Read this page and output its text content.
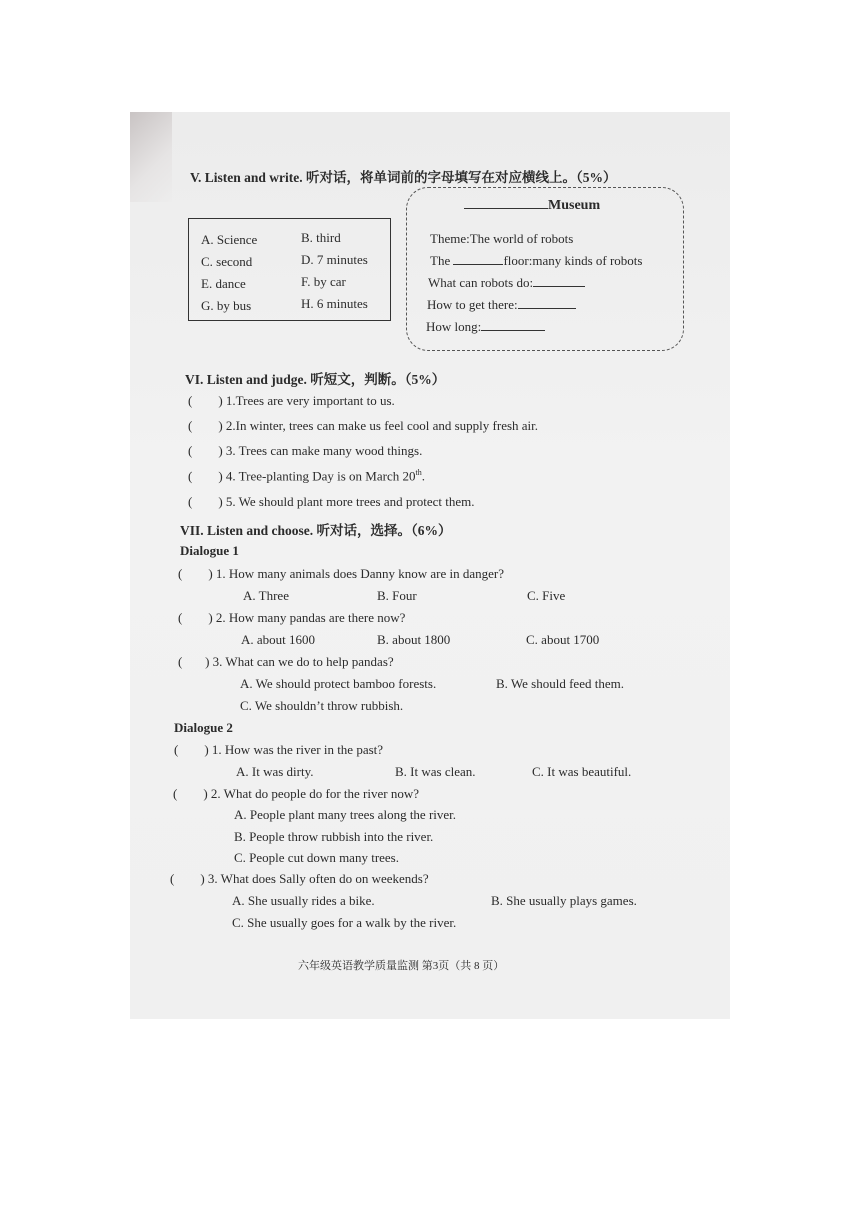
V. Listen and write. 听对话，将单词前的字母填写在对应横线上。（5%）
A. Science	B. third
C. second	D. 7 minutes
E. dance	F. by car
G. by bus	H. 6 minutes
Museum
Theme:The world of robots
The	floor:many kinds of robots
What can robots do:
How to get there:
How long:
VI. Listen and judge. 听短文，判断。（5%）
(        ) 1.Trees are very important to us.
(        ) 2.In winter, trees can make us feel cool and supply fresh air.
(        ) 3. Trees can make many wood things.
(        ) 4. Tree-planting Day is on March 20th.
(        ) 5. We should plant more trees and protect them.
VII. Listen and choose. 听对话，选择。（6%）
Dialogue 1
(        ) 1. How many animals does Danny know are in danger?
A. Three	B. Four	C. Five
(        ) 2. How many pandas are there now?
A. about 1600	B. about 1800	C. about 1700
(       ) 3. What can we do to help pandas?
A. We should protect bamboo forests.	B. We should feed them.
C. We shouldn’t throw rubbish.
Dialogue 2
(        ) 1. How was the river in the past?
A. It was dirty.	B. It was clean.	C. It was beautiful.
(        ) 2. What do people do for the river now?
A. People plant many trees along the river.
B. People throw rubbish into the river.
C. People cut down many trees.
(        ) 3. What does Sally often do on weekends?
A. She usually rides a bike.	B. She usually plays games.
C. She usually goes for a walk by the river.
六年级英语教学质量监测 第3页（共 8 页）
